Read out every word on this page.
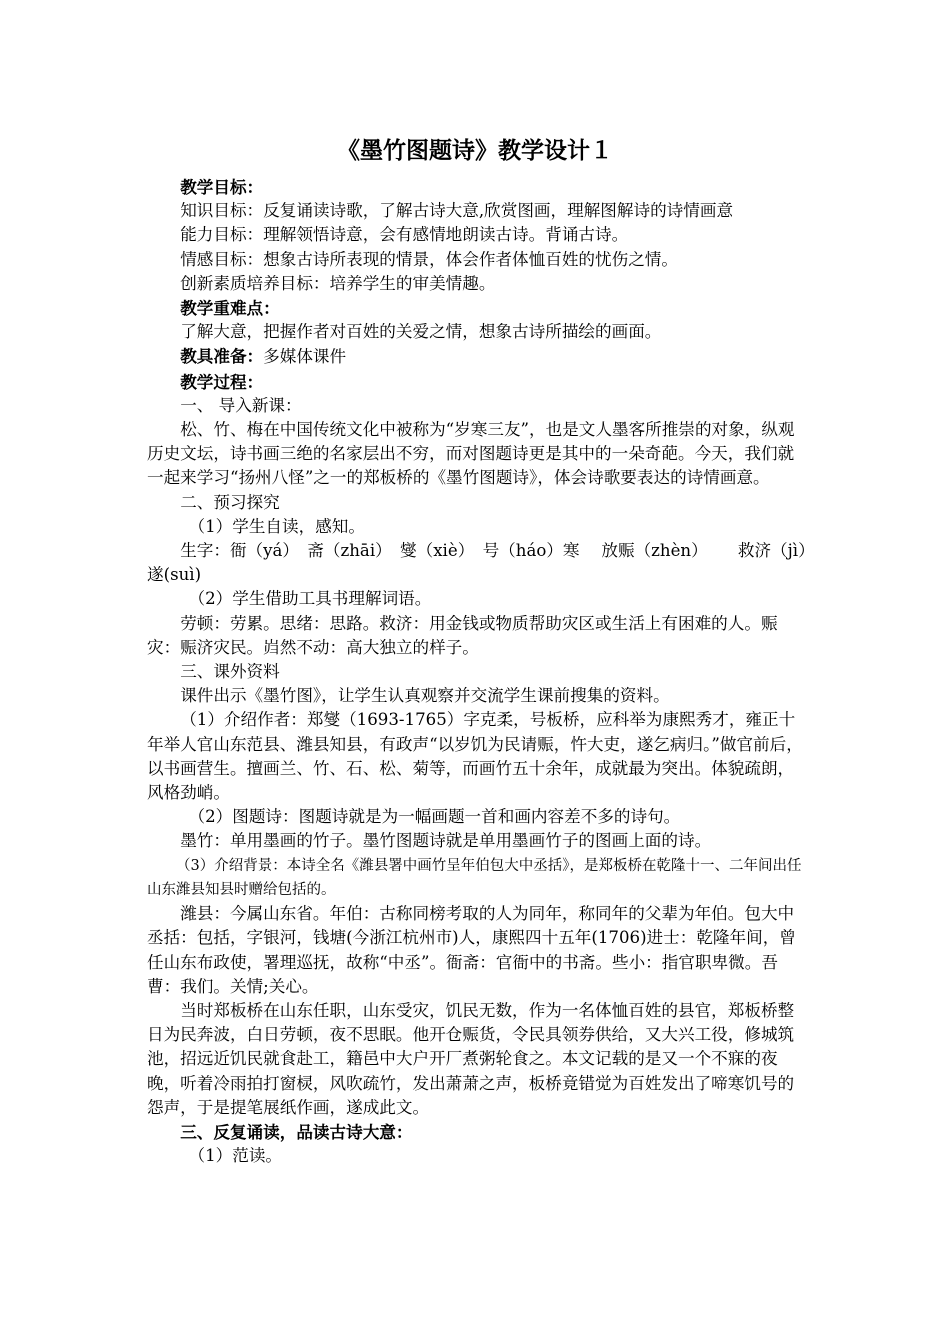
《墨竹图题诗》教学设计１

教学目标：

知识目标：反复诵读诗歌，了解古诗大意,欣赏图画，理解图解诗的诗情画意

能力目标：理解领悟诗意，会有感情地朗读古诗。背诵古诗。

情感目标：想象古诗所表现的情景，体会作者体恤百姓的忧伤之情。

创新素质培养目标：培养学生的审美情趣。

教学重难点：

了解大意，把握作者对百姓的关爱之情，想象古诗所描绘的画面。

教具准备：多媒体课件

教学过程：

一、 导入新课：

松、竹、梅在中国传统文化中被称为“岁寒三友”，也是文人墨客所推崇的对象，纵观历史文坛，诗书画三绝的名家层出不穷，而对图题诗更是其中的一朵奇葩。今天，我们就一起来学习“扬州八怪”之一的郑板桥的《墨竹图题诗》，体会诗歌要表达的诗情画意。

二、预习探究

（1）学生自读，感知。

生字：衙（yá）　斋（zhāi）　燮（xiè）　号（háo）寒　 放赈（zhèn）　　 救济（jì）遂(suì)

（2）学生借助工具书理解词语。

劳顿：劳累。思绪：思路。救济：用金钱或物质帮助灾区或生活上有困难的人。赈灾：赈济灾民。岿然不动：高大独立的样子。

三、课外资料

课件出示《墨竹图》，让学生认真观察并交流学生课前搜集的资料。

（1）介绍作者：郑燮（1693-1765）字克柔，号板桥，应科举为康熙秀才，雍正十年举人官山东范县、潍县知县，有政声“以岁饥为民请赈，忤大吏，遂乞病归。”做官前后，以书画营生。擅画兰、竹、石、松、菊等，而画竹五十余年，成就最为突出。体貌疏朗，风格劲峭。

（2）图题诗：图题诗就是为一幅画题一首和画内容差不多的诗句。

墨竹：单用墨画的竹子。墨竹图题诗就是单用墨画竹子的图画上面的诗。

（3）介绍背景：本诗全名《潍县署中画竹呈年伯包大中丞括》，是郑板桥在乾隆十一、二年间出任山东潍县知县时赠给包括的。

潍县：今属山东省。年伯：古称同榜考取的人为同年，称同年的父辈为年伯。包大中丞括：包括，字银河，钱塘(今浙江杭州市)人，康熙四十五年(1706)进士：乾隆年间，曾任山东布政使，署理巡抚，故称“中丞”。衙斋：官衙中的书斋。些小：指官职卑微。吾曹：我们。关情;关心。

当时郑板桥在山东任职，山东受灾，饥民无数，作为一名体恤百姓的县官，郑板桥整日为民奔波，白日劳顿，夜不思眠。他开仓赈货，令民具领券供给，又大兴工役，修城筑池，招远近饥民就食赴工，籍邑中大户开厂煮粥轮食之。本文记载的是又一个不寐的夜晚，听着冷雨拍打窗棂，风吹疏竹，发出萧萧之声，板桥竟错觉为百姓发出了啼寒饥号的怨声，于是提笔展纸作画，遂成此文。

三、反复诵读，品读古诗大意：

（1）范读。
